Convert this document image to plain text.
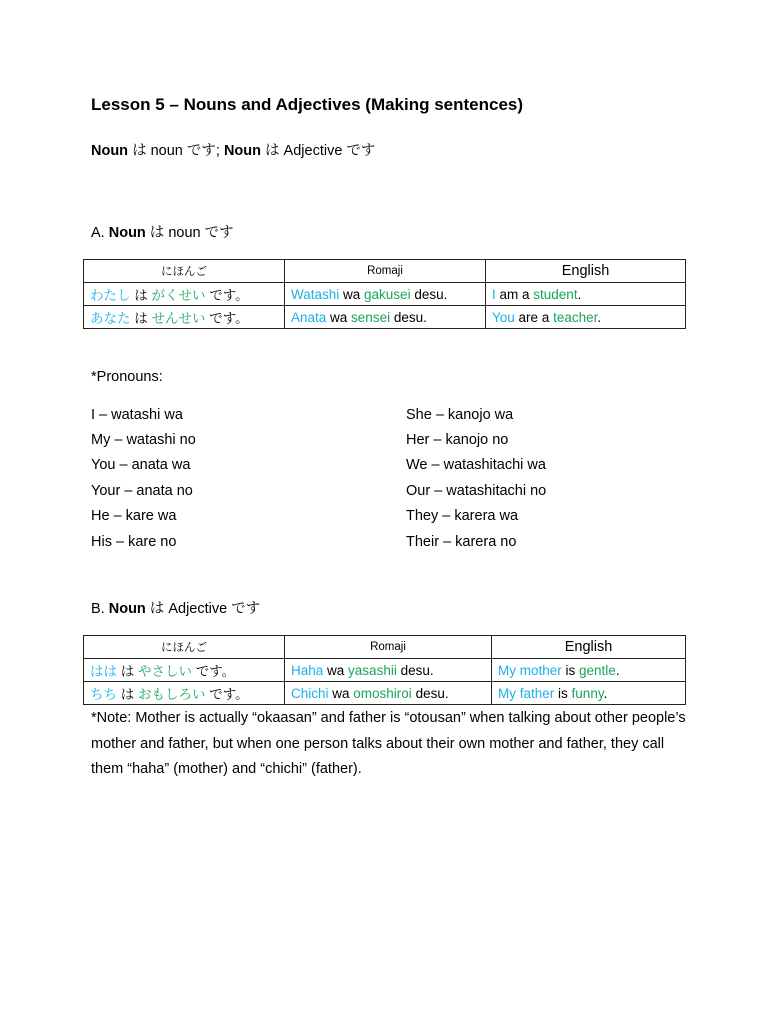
Lesson 5 – Nouns and Adjectives (Making sentences)
Noun は noun です; Noun は Adjective です
A. Noun は noun です
にほんご	Romaji	English
わたし は がくせい です。	Watashi wa gakusei desu.	I am a student.
あなた は せんせい です。	Anata wa sensei desu.	You are a teacher.
*Pronouns:
I – watashi wa
My – watashi no
You – anata wa
Your – anata no
He – kare wa
His – kare no
She – kanojo wa
Her – kanojo no
We – watashitachi wa
Our – watashitachi no
They – karera wa
Their – karera no
B. Noun は Adjective です
にほんご	Romaji	English
はは は やさしい です。	Haha wa yasashii desu.	My mother is gentle.
ちち は おもしろい です。	Chichi wa omoshiroi desu.	My father is funny.
*Note: Mother is actually “okaasan” and father is “otousan” when talking about other people’s mother and father, but when one person talks about their own mother and father, they call them “haha” (mother) and “chichi” (father).
